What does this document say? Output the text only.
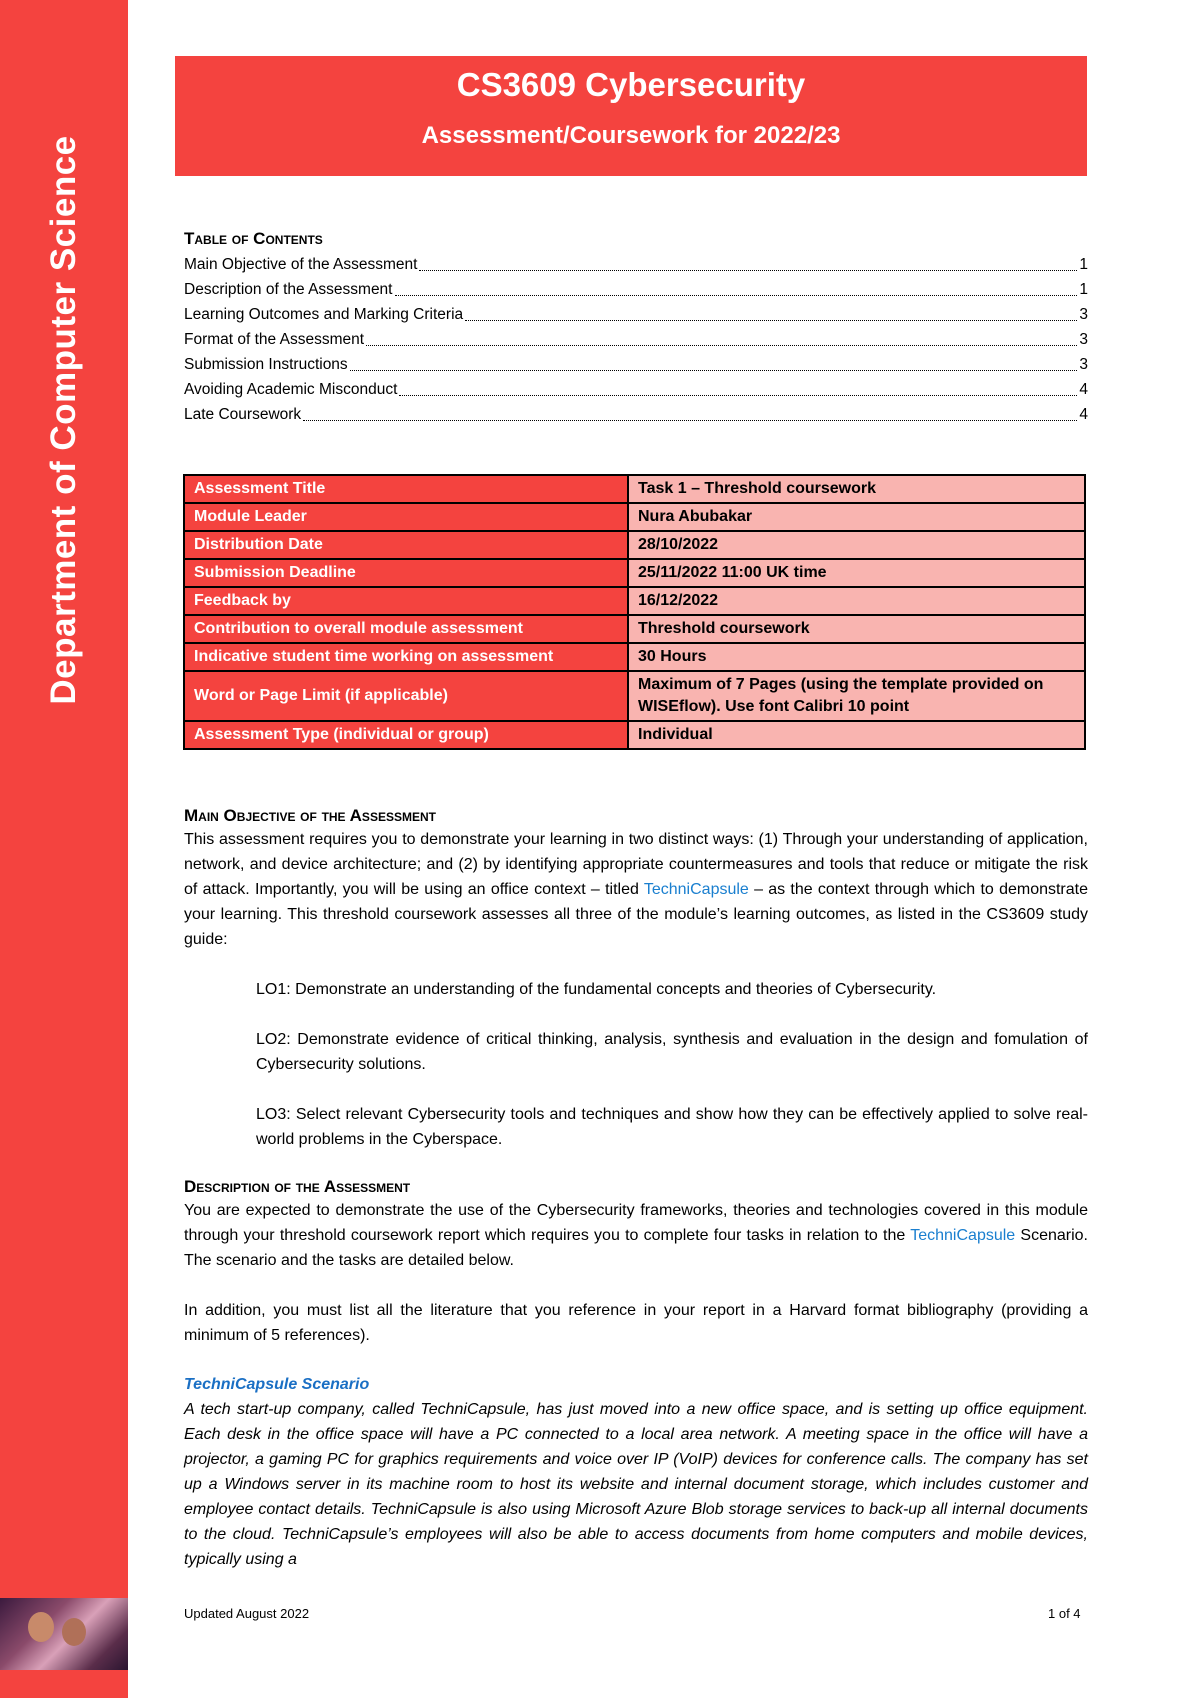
Department of Computer Science
CS3609 Cybersecurity
Assessment/Coursework for 2022/23

Table of Contents

Main Objective of the Assessment	1
Description of the Assessment	1
Learning Outcomes and Marking Criteria	3
Format of the Assessment	3
Submission Instructions	3
Avoiding Academic Misconduct	4
Late Coursework	4
Assessment Title	Task 1 – Threshold coursework
Module Leader	Nura Abubakar
Distribution Date	28/10/2022
Submission Deadline	25/11/2022 11:00 UK time
Feedback by	16/12/2022
Contribution to overall module assessment	Threshold coursework
Indicative student time working on assessment	30 Hours
Word or Page Limit (if applicable)	Maximum of 7 Pages (using the template provided on WISEflow). Use font Calibri 10 point
Assessment Type (individual or group)	Individual

Main Objective of the Assessment

This assessment requires you to demonstrate your learning in two distinct ways: (1) Through your understanding of application, network, and device architecture; and (2) by identifying appropriate countermeasures and tools that reduce or mitigate the risk of attack. Importantly, you will be using an office context – titled TechniCapsule – as the context through which to demonstrate your learning. This threshold coursework assesses all three of the module’s learning outcomes, as listed in the CS3609 study guide:

LO1: Demonstrate an understanding of the fundamental concepts and theories of Cybersecurity.

LO2: Demonstrate evidence of critical thinking, analysis, synthesis and evaluation in the design and fomulation of Cybersecurity solutions.

LO3: Select relevant Cybersecurity tools and techniques and show how they can be effectively applied to solve real-world problems in the Cyberspace.

Description of the Assessment

You are expected to demonstrate the use of the Cybersecurity frameworks, theories and technologies covered in this module through your threshold coursework report which requires you to complete four tasks in relation to the TechniCapsule Scenario. The scenario and the tasks are detailed below.

In addition, you must list all the literature that you reference in your report in a Harvard format bibliography (providing a minimum of 5 references).

TechniCapsule Scenario

A tech start-up company, called TechniCapsule, has just moved into a new office space, and is setting up office equipment. Each desk in the office space will have a PC connected to a local area network. A meeting space in the office will have a projector, a gaming PC for graphics requirements and voice over IP (VoIP) devices for conference calls. The company has set up a Windows server in its machine room to host its website and internal document storage, which includes customer and employee contact details. TechniCapsule is also using Microsoft Azure Blob storage services to back-up all internal documents to the cloud. TechniCapsule’s employees will also be able to access documents from home computers and mobile devices, typically using a

Updated August 2022	1 of 4
